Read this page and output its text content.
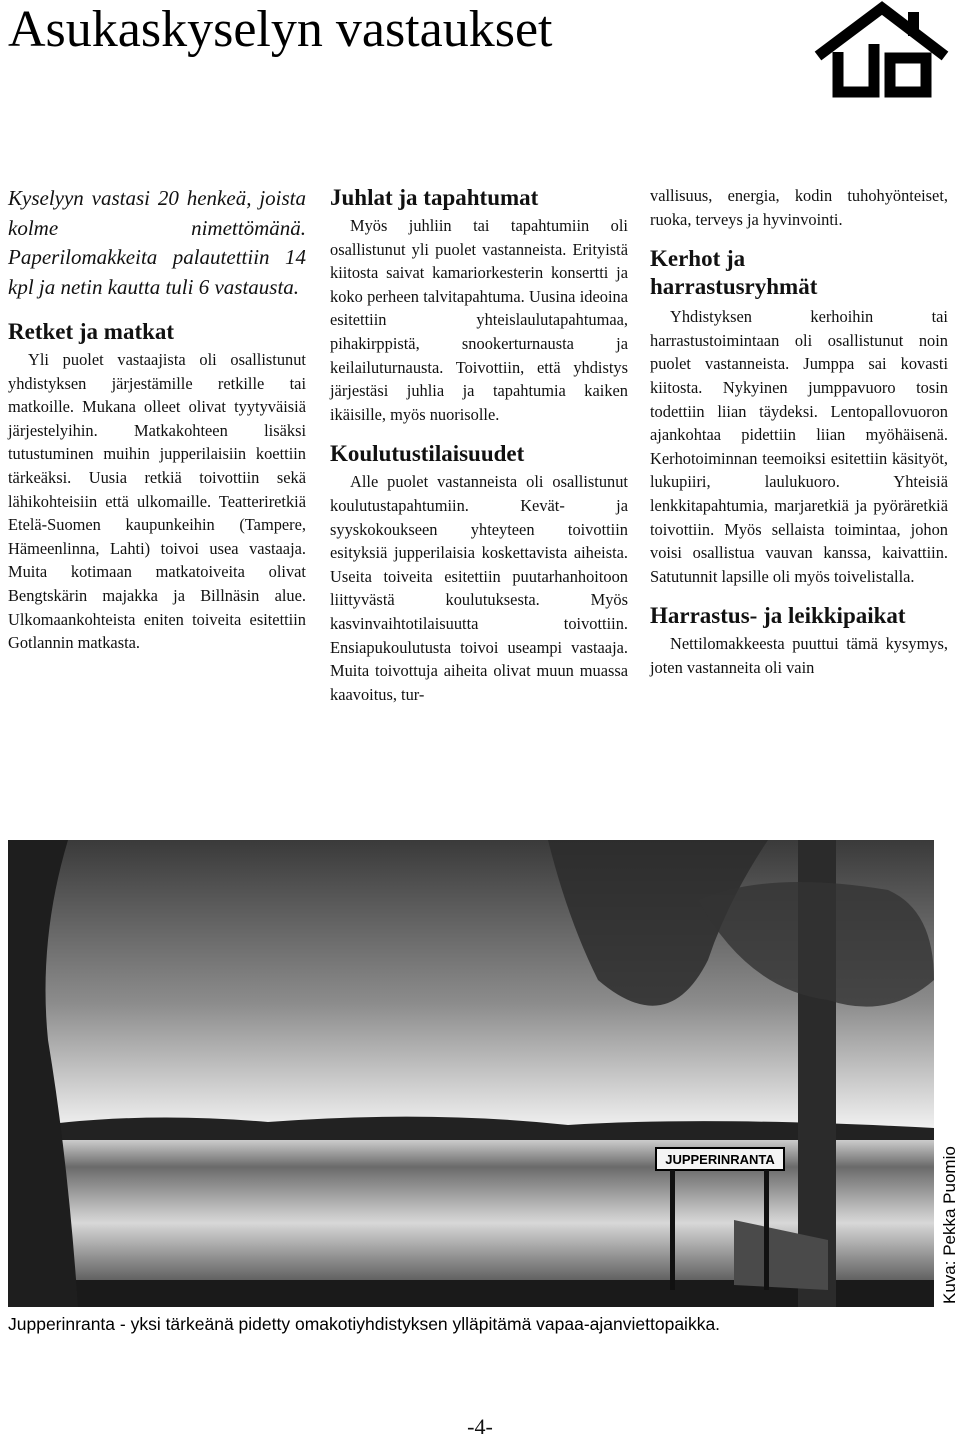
Asukaskyselyn vastaukset

Kyselyyn vastasi 20 henkeä, joista kolme nimettömänä. Paperilomakkeita palautettiin 14 kpl ja netin kautta tuli 6 vastausta.

Retket ja matkat

Yli puolet vastaajista oli osallistunut yhdistyksen järjestämille retkille tai matkoille. Mukana olleet olivat tyytyväisiä järjestelyihin. Matkakohteen lisäksi tutustuminen muihin jupperilaisiin koettiin tärkeäksi. Uusia retkiä toivottiin sekä lähikohteisiin että ulkomaille. Teatteriretkiä Etelä-Suomen kaupunkeihin (Tampere, Hämeenlinna, Lahti) toivoi usea vastaaja. Muita kotimaan matkatoiveita olivat Bengtskärin majakka ja Billnäsin alue. Ulkomaankohteista eniten toiveita esitettiin Gotlannin matkasta.

Juhlat ja tapahtumat

Myös juhliin tai tapahtumiin oli osallistunut yli puolet vastanneista. Erityistä kiitosta saivat kamariorkesterin konsertti ja koko perheen talvitapahtuma. Uusina ideoina esitettiin yhteislaulutapahtumaa, pihakirppistä, snookerturnausta ja keilailuturnausta. Toivottiin, että yhdistys järjestäsi juhlia ja tapahtumia kaiken ikäisille, myös nuorisolle.

Koulutustilaisuudet

Alle puolet vastanneista oli osallistunut koulutustapahtumiin. Kevät- ja syyskokoukseen yhteyteen toivottiin esityksiä jupperilaisia koskettavista aiheista. Useita toiveita esitettiin puutarhanhoitoon liittyvästä koulutuksesta. Myös kasvinvaihtotilaisuutta toivottiin. Ensiapukoulutusta toivoi useampi vastaaja. Muita toivottuja aiheita olivat muun muassa kaavoitus, tur-

vallisuus, energia, kodin tuhohyönteiset, ruoka, terveys ja hyvinvointi.

Kerhot ja harrastusryhmät

Yhdistyksen kerhoihin tai harrastustoimintaan oli osallistunut noin puolet vastanneista. Jumppa sai kovasti kiitosta. Nykyinen jumppavuoro tosin todettiin liian täydeksi. Lentopallovuoron ajankohtaa pidettiin liian myöhäisenä. Kerhotoiminnan teemoiksi esitettiin käsityöt, lukupiiri, laulukuoro. Yhteisiä lenkkitapahtumia, marjaretkiä ja pyöräretkiä toivottiin. Myös sellaista toimintaa, johon voisi osallistua vauvan kanssa, kaivattiin. Satutunnit lapsille oli myös toivelistalla.

Harrastus- ja leikkipaikat

Nettilomakkeesta puuttui tämä kysymys, joten vastanneita oli vain

JUPPERINRANTA	Kuva: Pekka Puomio

Jupperinranta - yksi tärkeänä pidetty omakotiyhdistyksen ylläpitämä vapaa-ajanviettopaikka.

-4-
